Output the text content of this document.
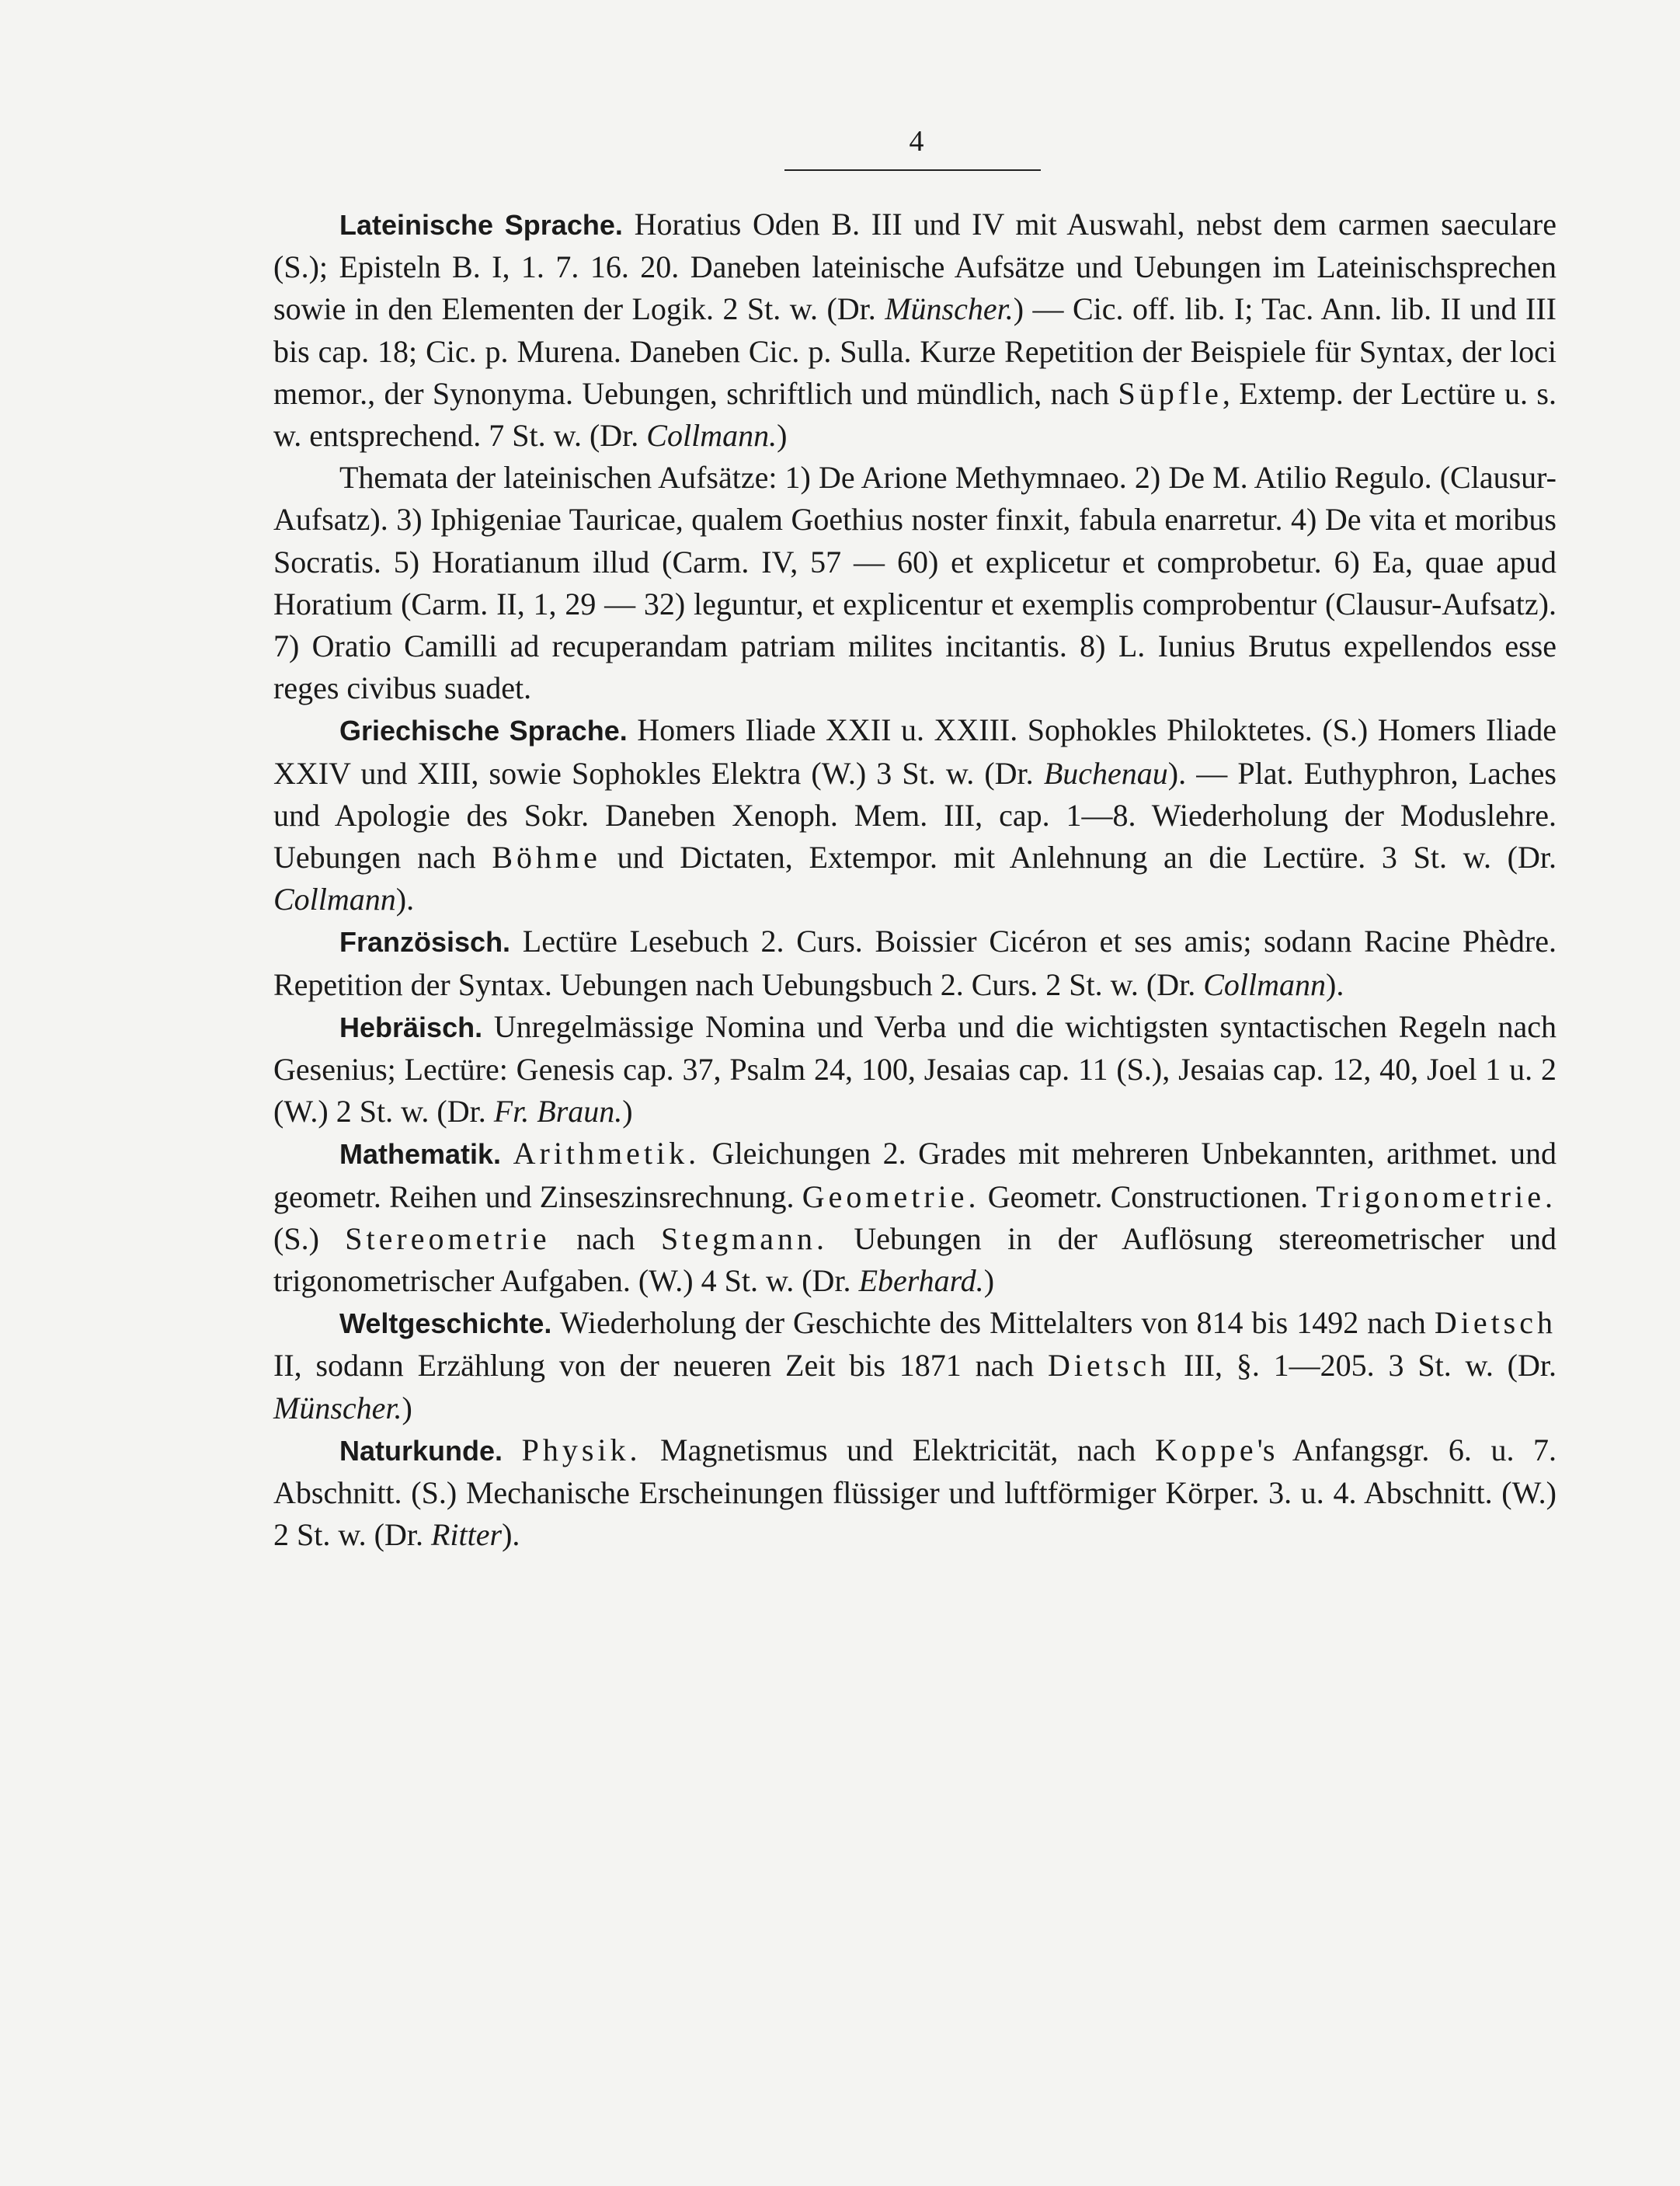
4

Lateinische Sprache. Horatius Oden B. III und IV mit Auswahl, nebst dem carmen saeculare (S.); Episteln B. I, 1. 7. 16. 20. Daneben lateinische Aufsätze und Uebungen im Lateinischsprechen sowie in den Elementen der Logik. 2 St. w. (Dr. Münscher.) — Cic. off. lib. I; Tac. Ann. lib. II und III bis cap. 18; Cic. p. Murena. Daneben Cic. p. Sulla. Kurze Repetition der Beispiele für Syntax, der loci memor., der Synonyma. Uebungen, schriftlich und mündlich, nach Süpfle, Extemp. der Lectüre u. s. w. entsprechend. 7 St. w. (Dr. Collmann.)

Themata der lateinischen Aufsätze: 1) De Arione Methymnaeo. 2) De M. Atilio Regulo. (Clausur-Aufsatz). 3) Iphigeniae Tauricae, qualem Goethius noster finxit, fabula enarretur. 4) De vita et moribus Socratis. 5) Horatianum illud (Carm. IV, 57 — 60) et explicetur et comprobetur. 6) Ea, quae apud Horatium (Carm. II, 1, 29 — 32) leguntur, et explicentur et exemplis comprobentur (Clausur-Aufsatz). 7) Oratio Camilli ad recuperandam patriam milites incitantis. 8) L. Iunius Brutus expellendos esse reges civibus suadet.

Griechische Sprache. Homers Iliade XXII u. XXIII. Sophokles Philoktetes. (S.) Homers Iliade XXIV und XIII, sowie Sophokles Elektra (W.) 3 St. w. (Dr. Buchenau). — Plat. Euthyphron, Laches und Apologie des Sokr. Daneben Xenoph. Mem. III, cap. 1—8. Wiederholung der Moduslehre. Uebungen nach Böhme und Dictaten, Extempor. mit Anlehnung an die Lectüre. 3 St. w. (Dr. Collmann).

Französisch. Lectüre Lesebuch 2. Curs. Boissier Cicéron et ses amis; sodann Racine Phèdre. Repetition der Syntax. Uebungen nach Uebungsbuch 2. Curs. 2 St. w. (Dr. Collmann).

Hebräisch. Unregelmässige Nomina und Verba und die wichtigsten syntactischen Regeln nach Gesenius; Lectüre: Genesis cap. 37, Psalm 24, 100, Jesaias cap. 11 (S.), Jesaias cap. 12, 40, Joel 1 u. 2 (W.) 2 St. w. (Dr. Fr. Braun.)

Mathematik. Arithmetik. Gleichungen 2. Grades mit mehreren Unbekannten, arithmet. und geometr. Reihen und Zinseszinsrechnung. Geometrie. Geometr. Constructionen. Trigonometrie. (S.) Stereometrie nach Stegmann. Uebungen in der Auflösung stereometrischer und trigonometrischer Aufgaben. (W.) 4 St. w. (Dr. Eberhard.)

Weltgeschichte. Wiederholung der Geschichte des Mittelalters von 814 bis 1492 nach Dietsch II, sodann Erzählung von der neueren Zeit bis 1871 nach Dietsch III, §. 1—205. 3 St. w. (Dr. Münscher.)

Naturkunde. Physik. Magnetismus und Elektricität, nach Koppe's Anfangsgr. 6. u. 7. Abschnitt. (S.) Mechanische Erscheinungen flüssiger und luftförmiger Körper. 3. u. 4. Abschnitt. (W.) 2 St. w. (Dr. Ritter).
